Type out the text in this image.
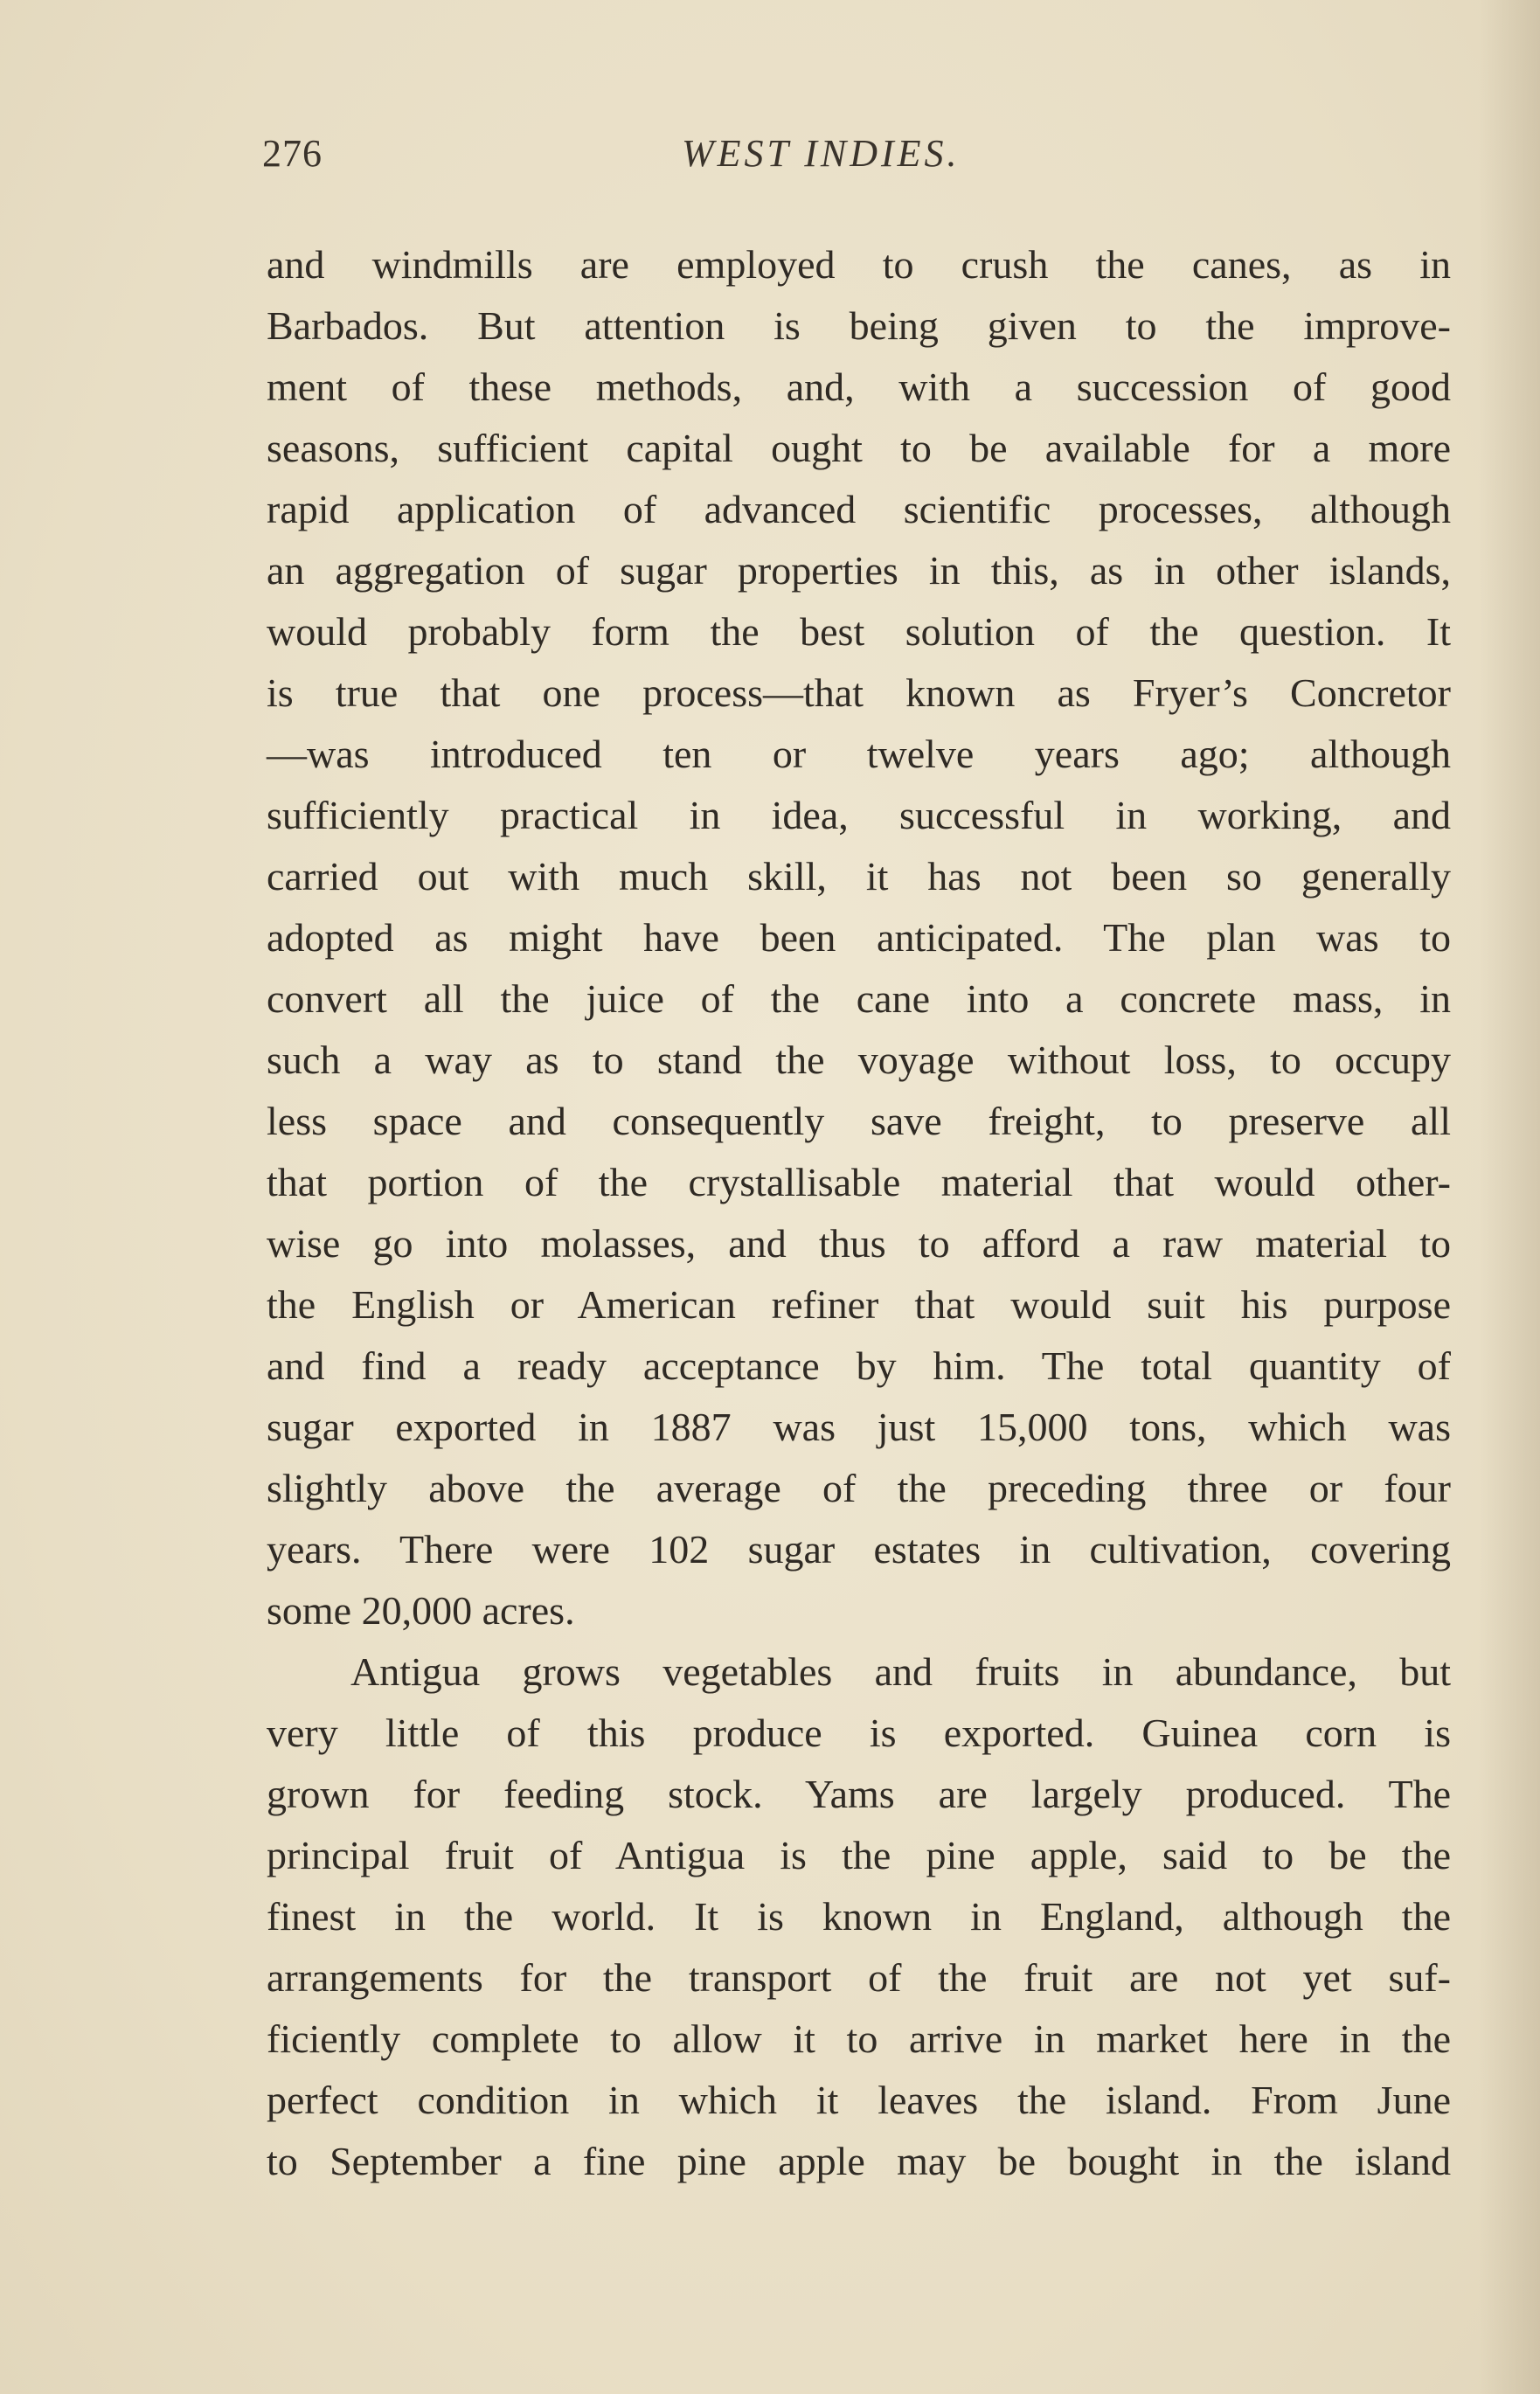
276	WEST INDIES.
and windmills are employed to crush the canes, as in
Barbados. But attention is being given to the improve-
ment of these methods, and, with a succession of good
seasons, sufficient capital ought to be available for a more
rapid application of advanced scientific processes, although
an aggregation of sugar properties in this, as in other islands,
would probably form the best solution of the question. It
is true that one process—that known as Fryer’s Concretor
—was introduced ten or twelve years ago; although
sufficiently practical in idea, successful in working, and
carried out with much skill, it has not been so generally
adopted as might have been anticipated. The plan was to
convert all the juice of the cane into a concrete mass, in
such a way as to stand the voyage without loss, to occupy
less space and consequently save freight, to preserve all
that portion of the crystallisable material that would other-
wise go into molasses, and thus to afford a raw material to
the English or American refiner that would suit his purpose
and find a ready acceptance by him. The total quantity of
sugar exported in 1887 was just 15,000 tons, which was
slightly above the average of the preceding three or four
years. There were 102 sugar estates in cultivation, covering
some 20,000 acres.
Antigua grows vegetables and fruits in abundance, but
very little of this produce is exported. Guinea corn is
grown for feeding stock. Yams are largely produced. The
principal fruit of Antigua is the pine apple, said to be the
finest in the world. It is known in England, although the
arrangements for the transport of the fruit are not yet suf-
ficiently complete to allow it to arrive in market here in the
perfect condition in which it leaves the island. From June
to September a fine pine apple may be bought in the island
